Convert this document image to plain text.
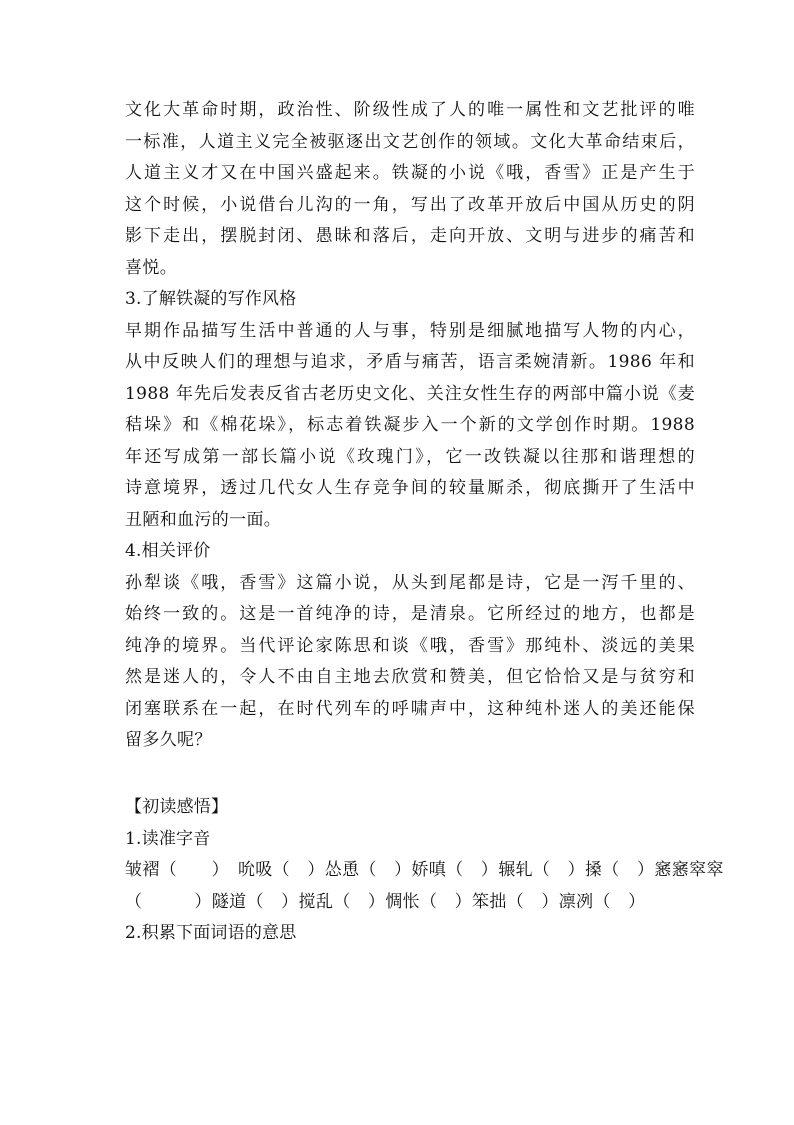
文化大革命时期，政治性、阶级性成了人的唯一属性和文艺批评的唯
一标准，人道主义完全被驱逐出文艺创作的领域。文化大革命结束后，
人道主义才又在中国兴盛起来。铁凝的小说《哦，香雪》正是产生于
这个时候，小说借台儿沟的一角，写出了改革开放后中国从历史的阴
影下走出，摆脱封闭、愚昧和落后，走向开放、文明与进步的痛苦和
喜悦。
3.了解铁凝的写作风格
早期作品描写生活中普通的人与事，特别是细腻地描写人物的内心，
从中反映人们的理想与追求，矛盾与痛苦，语言柔婉清新。1986 年和
1988 年先后发表反省古老历史文化、关注女性生存的两部中篇小说《麦
秸垛》和《棉花垛》，标志着铁凝步入一个新的文学创作时期。1988
年还写成第一部长篇小说《玫瑰门》，它一改铁凝以往那和谐理想的
诗意境界，透过几代女人生存竞争间的较量厮杀，彻底撕开了生活中
丑陋和血污的一面。
4.相关评价
孙犁谈《哦，香雪》这篇小说，从头到尾都是诗，它是一泻千里的、
始终一致的。这是一首纯净的诗，是清泉。它所经过的地方，也都是
纯净的境界。当代评论家陈思和谈《哦，香雪》那纯朴、淡远的美果
然是迷人的，令人不由自主地去欣赏和赞美，但它恰恰又是与贫穷和
闭塞联系在一起，在时代列车的呼啸声中，这种纯朴迷人的美还能保
留多久呢？
【初读感悟】
1.读准字音
皱褶（　　）　吮吸（　）怂恿（　）娇嗔（　）辗轧（　）搡（　）窸窸窣窣
（　　　）隧道（　）搅乱（　）惆怅（　）笨拙（　）凛冽（　）
2.积累下面词语的意思
